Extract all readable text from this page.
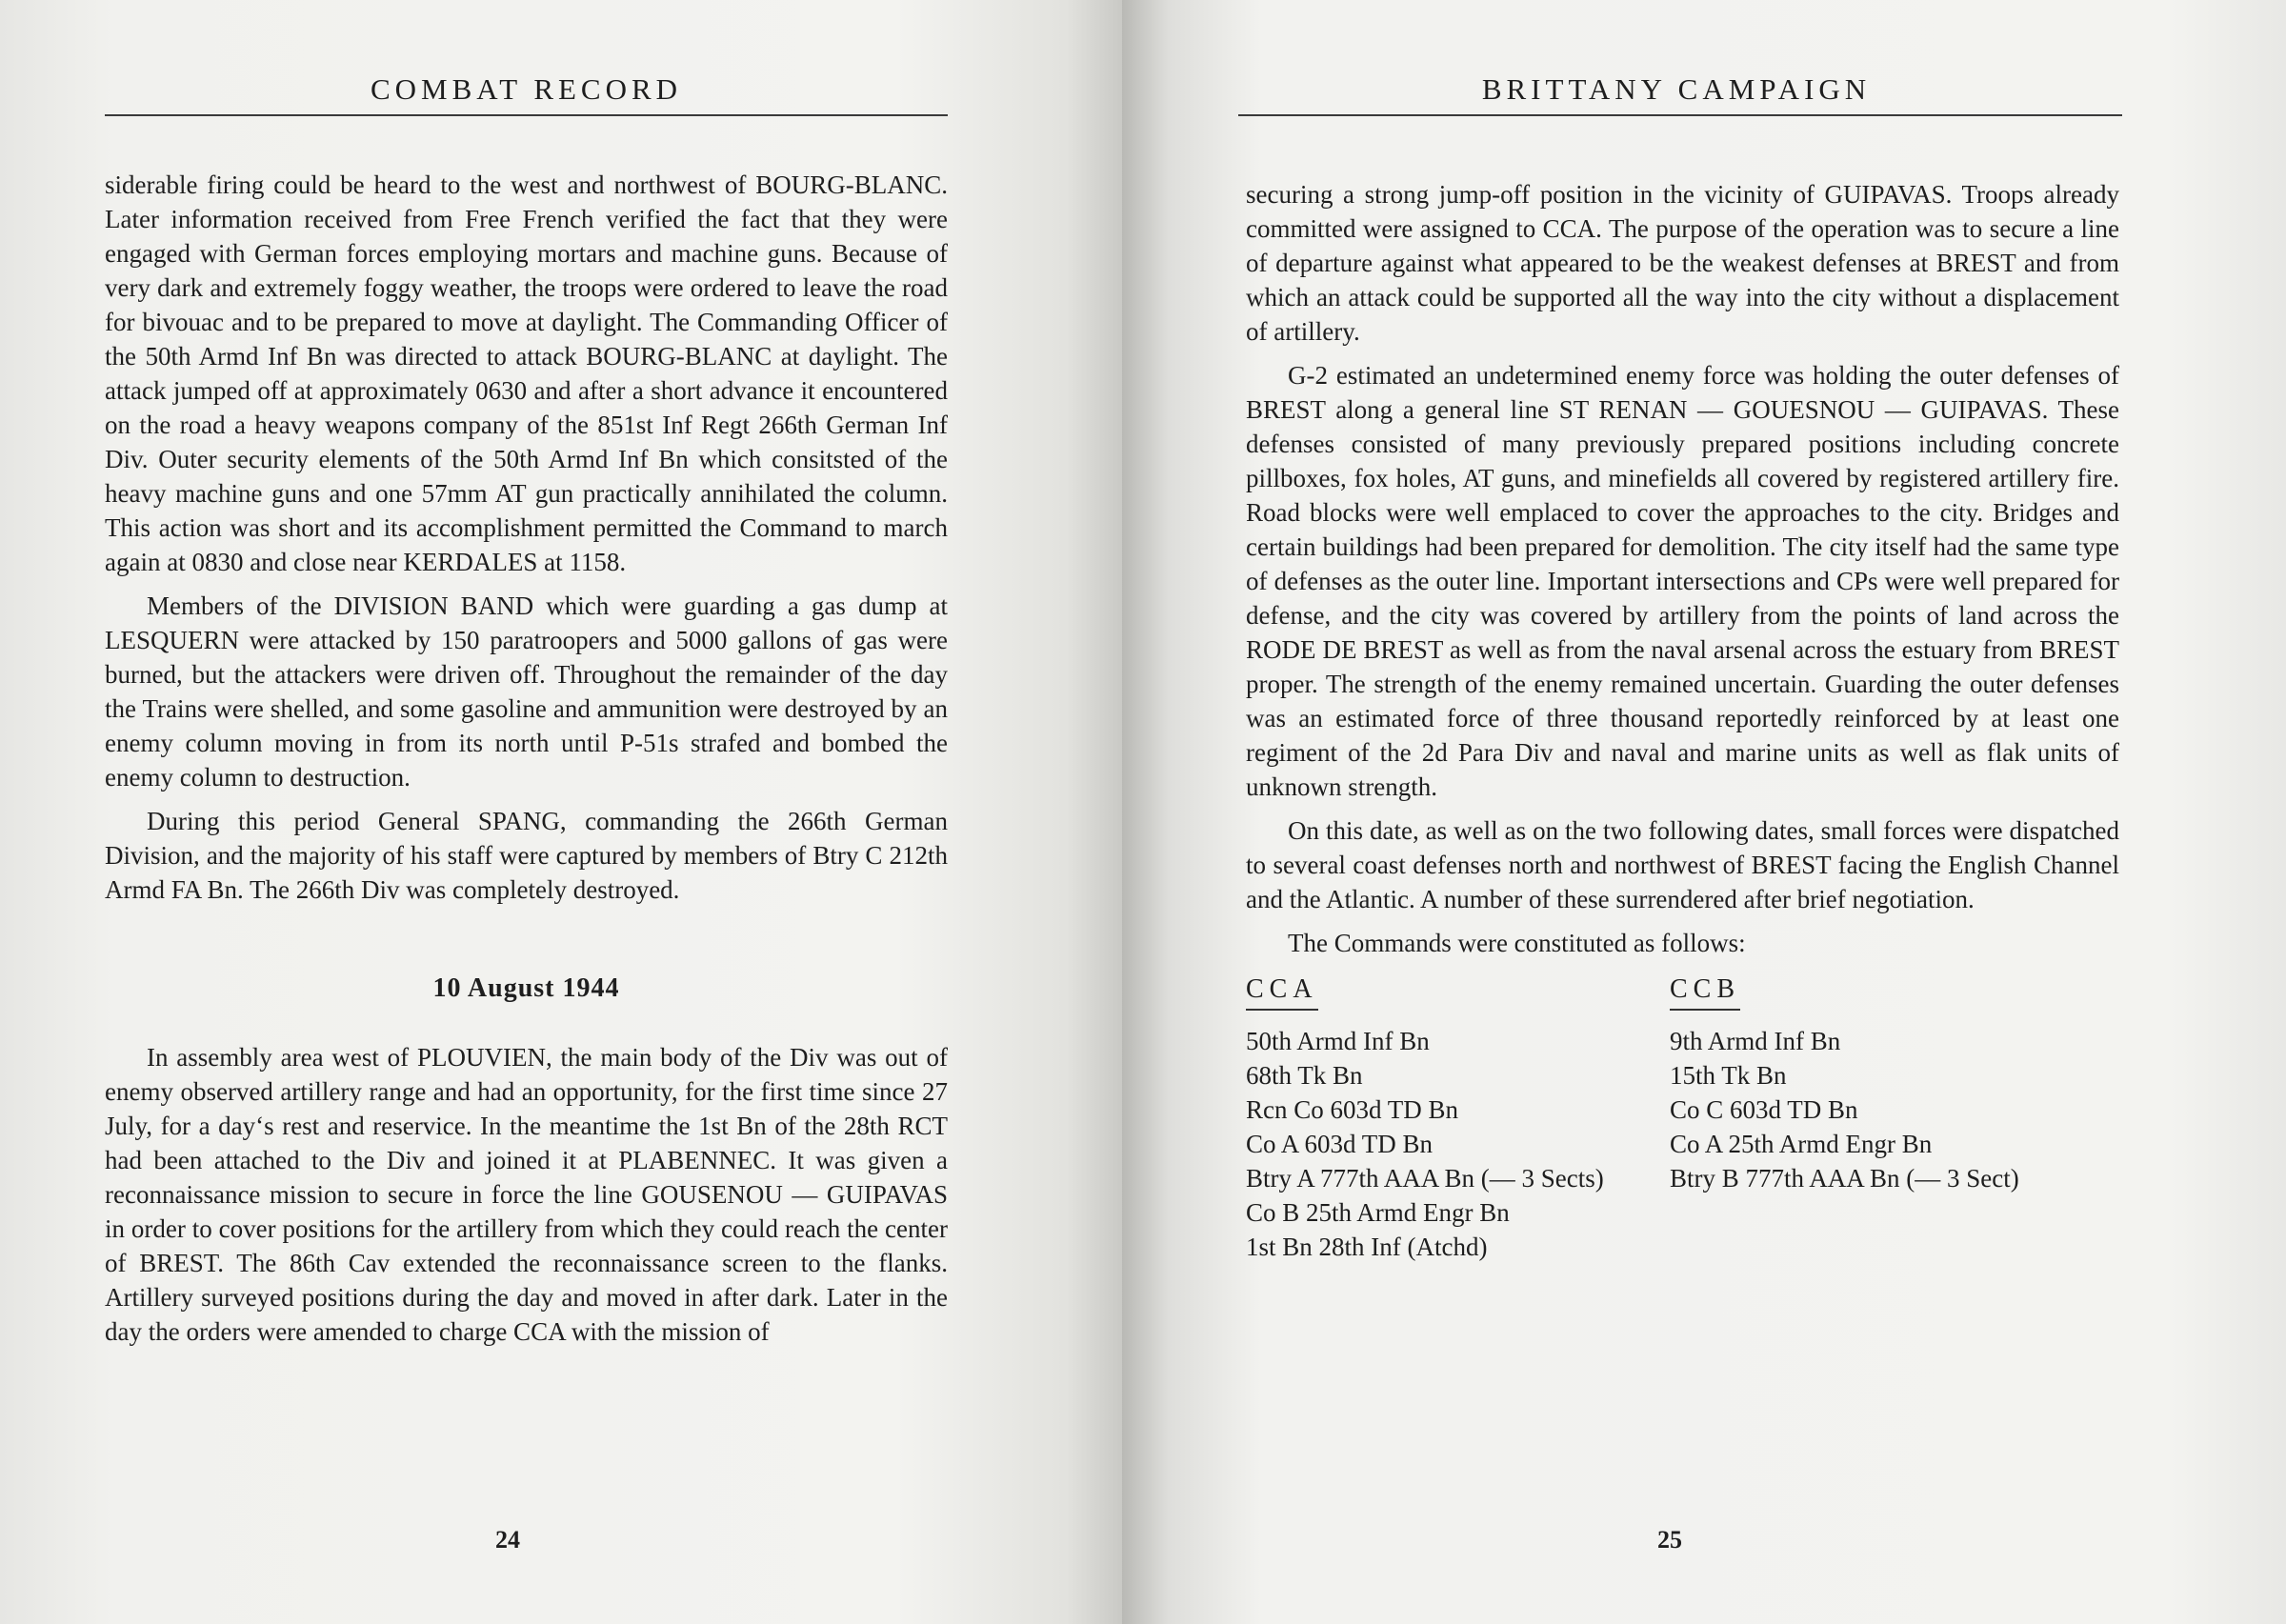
COMBAT RECORD

siderable firing could be heard to the west and northwest of BOURG-BLANC. Later information received from Free French verified the fact that they were engaged with German forces employing mortars and machine guns. Because of very dark and extremely foggy weather, the troops were ordered to leave the road for bivouac and to be prepared to move at daylight. The Commanding Officer of the 50th Armd Inf Bn was directed to attack BOURG-BLANC at daylight. The attack jumped off at approximately 0630 and after a short advance it encountered on the road a heavy weapons company of the 851st Inf Regt 266th German Inf Div. Outer security elements of the 50th Armd Inf Bn which consitsted of the heavy machine guns and one 57mm AT gun practically annihilated the column. This action was short and its accomplishment permitted the Command to march again at 0830 and close near KERDALES at 1158.

Members of the DIVISION BAND which were guarding a gas dump at LESQUERN were attacked by 150 paratroopers and 5000 gallons of gas were burned, but the attackers were driven off. Throughout the remainder of the day the Trains were shelled, and some gasoline and ammunition were destroyed by an enemy column moving in from its north until P-51s strafed and bombed the enemy column to destruction.

During this period General SPANG, commanding the 266th German Division, and the majority of his staff were captured by members of Btry C 212th Armd FA Bn. The 266th Div was completely destroyed.

10 August 1944

In assembly area west of PLOUVIEN, the main body of the Div was out of enemy observed artillery range and had an opportunity, for the first time since 27 July, for a day‘s rest and reservice. In the meantime the 1st Bn of the 28th RCT had been attached to the Div and joined it at PLABENNEC. It was given a reconnaissance mission to secure in force the line GOUSENOU — GUIPAVAS in order to cover positions for the artillery from which they could reach the center of BREST. The 86th Cav extended the reconnaissance screen to the flanks. Artillery surveyed positions during the day and moved in after dark. Later in the day the orders were amended to charge CCA with the mission of

24
BRITTANY CAMPAIGN

securing a strong jump-off position in the vicinity of GUIPAVAS. Troops already committed were assigned to CCA. The purpose of the operation was to secure a line of departure against what appeared to be the weakest defenses at BREST and from which an attack could be supported all the way into the city without a displacement of artillery.

G-2 estimated an undetermined enemy force was holding the outer defenses of BREST along a general line ST RENAN — GOUESNOU — GUIPAVAS. These defenses consisted of many previously prepared positions including concrete pillboxes, fox holes, AT guns, and minefields all covered by registered artillery fire. Road blocks were well emplaced to cover the approaches to the city. Bridges and certain buildings had been prepared for demolition. The city itself had the same type of defenses as the outer line. Important intersections and CPs were well prepared for defense, and the city was covered by artillery from the points of land across the RODE DE BREST as well as from the naval arsenal across the estuary from BREST proper. The strength of the enemy remained uncertain. Guarding the outer defenses was an estimated force of three thousand reportedly reinforced by at least one regiment of the 2d Para Div and naval and marine units as well as flak units of unknown strength.

On this date, as well as on the two following dates, small forces were dispatched to several coast defenses north and northwest of BREST facing the English Channel and the Atlantic. A number of these surrendered after brief negotiation.

The Commands were constituted as follows:

CCA
50th Armd Inf Bn
68th Tk Bn
Rcn Co 603d TD Bn
Co A 603d TD Bn
Btry A 777th AAA Bn (— 3 Sects)
Co B 25th Armd Engr Bn
1st Bn 28th Inf (Atchd)
CCB
9th Armd Inf Bn
15th Tk Bn
Co C 603d TD Bn
Co A 25th Armd Engr Bn
Btry B 777th AAA Bn (— 3 Sect)
25
